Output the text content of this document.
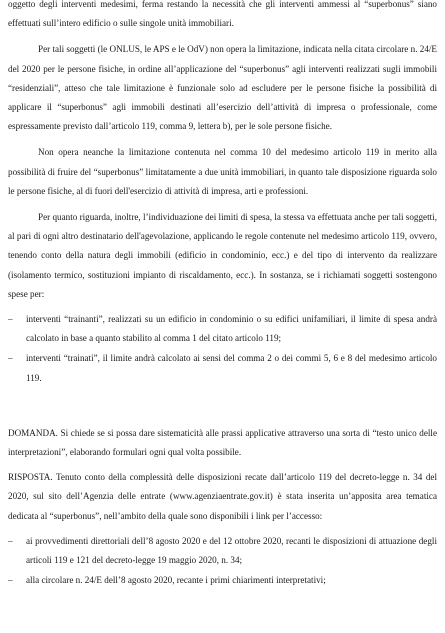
oggetto degli interventi medesimi, ferma restando la necessità che gli interventi ammessi al “superbonus” siano effettuati sull’intero edificio o sulle singole unità immobiliari.

Per tali soggetti (le ONLUS, le APS e le OdV) non opera la limitazione, indicata nella citata circolare n. 24/E del 2020 per le persone fisiche, in ordine all’applicazione del “superbonus” agli interventi realizzati sugli immobili “residenziali”, atteso che tale limitazione è funzionale solo ad escludere per le persone fisiche la possibilità di applicare il “superbonus” agli immobili destinati all’esercizio dell’attività di impresa o professionale, come espressamente previsto dall’articolo 119, comma 9, lettera b), per le sole persone fisiche.

Non opera neanche la limitazione contenuta nel comma 10 del medesimo articolo 119 in merito alla possibilità di fruire del “superbonus” limitatamente a due unità immobiliari, in quanto tale disposizione riguarda solo le persone fisiche, al di fuori dell'esercizio di attività di impresa, arti e professioni.

Per quanto riguarda, inoltre, l’individuazione dei limiti di spesa, la stessa va effettuata anche per tali soggetti, al pari di ogni altro destinatario dell'agevolazione, applicando le regole contenute nel medesimo articolo 119, ovvero, tenendo conto della natura degli immobili (edificio in condominio, ecc.) e del tipo di intervento da realizzare (isolamento termico, sostituzioni impianto di riscaldamento, ecc.). In sostanza, se i richiamati soggetti sostengono spese per:

– interventi “trainanti”, realizzati su un edificio in condominio o su edifici unifamiliari, il limite di spesa andrà calcolato in base a quanto stabilito al comma 1 del citato articolo 119;
– interventi “trainati”, il limite andrà calcolato ai sensi del comma 2 o dei commi 5, 6 e 8 del medesimo articolo 119.

DOMANDA. Si chiede se si possa dare sistematicità alle prassi applicative attraverso una sorta di “testo unico delle interpretazioni”, elaborando formulari ogni qual volta possibile.

RISPOSTA. Tenuto conto della complessità delle disposizioni recate dall’articolo 119 del decreto-legge n. 34 del 2020, sul sito dell’Agenzia delle entrate (www.agenziaentrate.gov.it) è stata inserita un’apposita area tematica dedicata al “superbonus”, nell’ambito della quale sono disponibili i link per l’accesso:

– ai provvedimenti direttoriali dell’8 agosto 2020 e del 12 ottobre 2020, recanti le disposizioni di attuazione degli articoli 119 e 121 del decreto-legge 19 maggio 2020, n. 34;
– alla circolare n. 24/E dell’8 agosto 2020, recante i primi chiarimenti interpretativi;
